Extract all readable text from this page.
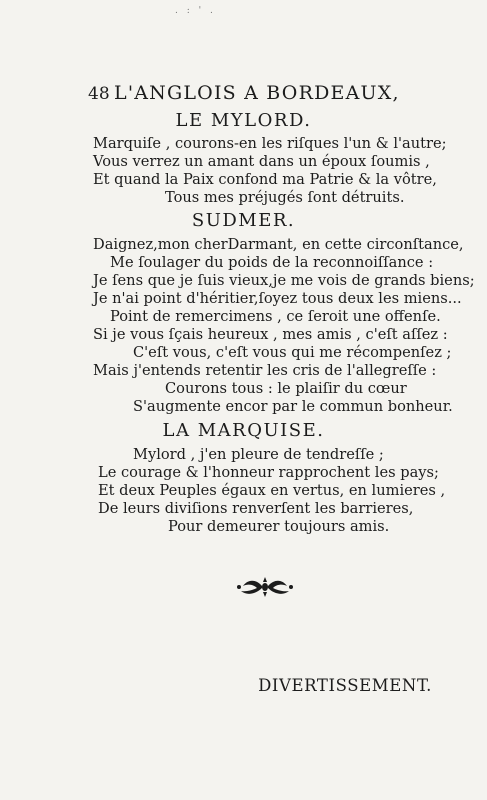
. : ' .
48 L'ANGLOIS A BORDEAUX,
LE MYLORD.
Marquiſe , courons-en les riſques l'un & l'autre;
Vous verrez un amant dans un époux ſoumis ,
Et quand la Paix confond ma Patrie & la vôtre,
Tous mes préjugés ſont détruits.
SUDMER.
Daignez,mon cherDarmant, en cette circonſtance,
Me ſoulager du poids de la reconnoiſſance :
Je ſens que je ſuis vieux,je me vois de grands biens;
Je n'ai point d'héritier,ſoyez tous deux les miens...
Point de remercimens , ce ſeroit une offenſe.
Si je vous ſçais heureux , mes amis , c'eſt aſſez :
C'eſt vous, c'eſt vous qui me récompenſez ;
Mais j'entends retentir les cris de l'allegreſſe :
Courons tous : le plaiſir du cœur
S'augmente encor par le commun bonheur.
LA MARQUISE.
Mylord , j'en pleure de tendreſſe ;
Le courage & l'honneur rapprochent les pays;
Et deux Peuples égaux en vertus, en lumieres ,
De leurs diviſions renverſent les barrieres,
Pour demeurer toujours amis.
DIVERTISSEMENT.
